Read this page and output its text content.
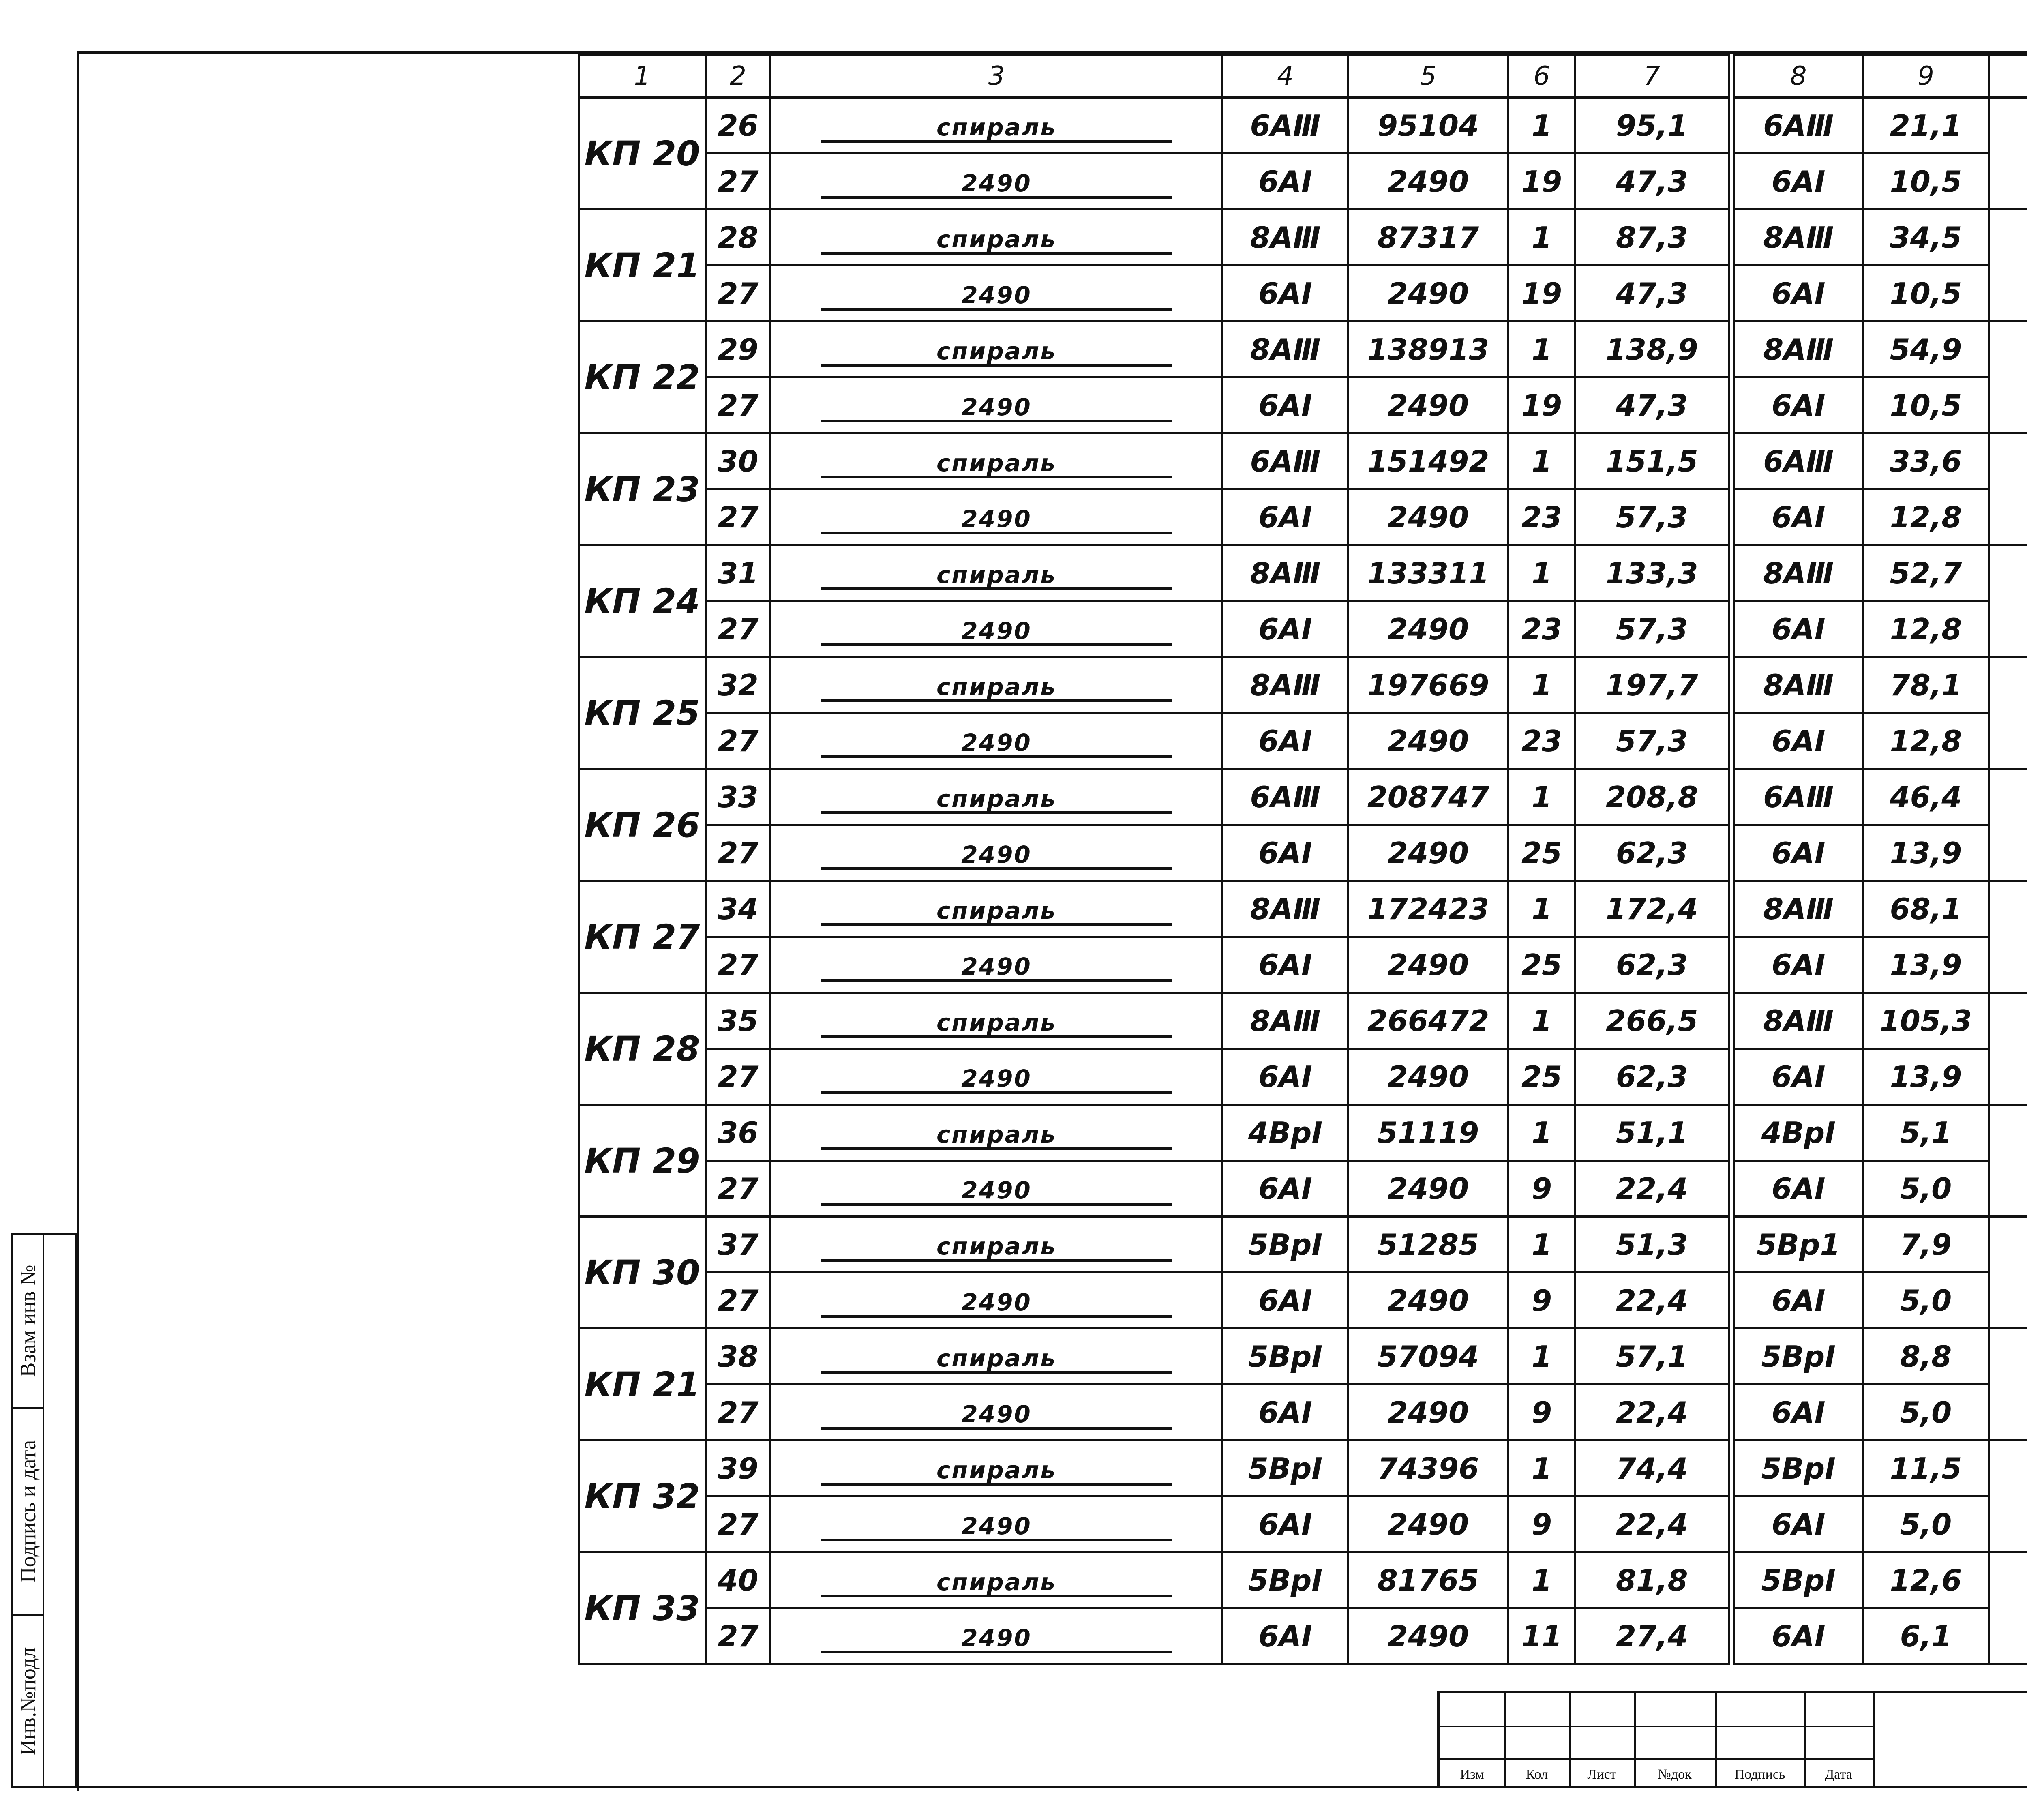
Взам инв №
Подпись и дата
Инв.№подл
1	2	3	4	5	6	7	8	9	
КП 20	26	спираль	6AⅢ	95104	1	95,1	6AⅢ	21,1	
	27	2490	6AⅠ	2490	19	47,3	6AⅠ	10,5	
КП 21	28	спираль	8AⅢ	87317	1	87,3	8AⅢ	34,5	
	27	2490	6AⅠ	2490	19	47,3	6AⅠ	10,5	
КП 22	29	спираль	8AⅢ	138913	1	138,9	8AⅢ	54,9	
	27	2490	6AⅠ	2490	19	47,3	6AⅠ	10,5	
КП 23	30	спираль	6AⅢ	151492	1	151,5	6AⅢ	33,6	
	27	2490	6AⅠ	2490	23	57,3	6AⅠ	12,8	
КП 24	31	спираль	8AⅢ	133311	1	133,3	8AⅢ	52,7	
	27	2490	6AⅠ	2490	23	57,3	6AⅠ	12,8	
КП 25	32	спираль	8AⅢ	197669	1	197,7	8AⅢ	78,1	
	27	2490	6AⅠ	2490	23	57,3	6AⅠ	12,8	
КП 26	33	спираль	6AⅢ	208747	1	208,8	6AⅢ	46,4	
	27	2490	6AⅠ	2490	25	62,3	6AⅠ	13,9	
КП 27	34	спираль	8AⅢ	172423	1	172,4	8AⅢ	68,1	
	27	2490	6AⅠ	2490	25	62,3	6AⅠ	13,9	
КП 28	35	спираль	8AⅢ	266472	1	266,5	8AⅢ	105,3	
	27	2490	6AⅠ	2490	25	62,3	6AⅠ	13,9	
КП 29	36	спираль	4ВрⅠ	51119	1	51,1	4ВрⅠ	5,1	
	27	2490	6AⅠ	2490	9	22,4	6AⅠ	5,0	
КП 30	37	спираль	5ВрⅠ	51285	1	51,3	5Вр1	7,9	
	27	2490	6AⅠ	2490	9	22,4	6AⅠ	5,0	
КП 21	38	спираль	5ВрⅠ	57094	1	57,1	5ВрⅠ	8,8	
	27	2490	6AⅠ	2490	9	22,4	6AⅠ	5,0	
КП 32	39	спираль	5ВрⅠ	74396	1	74,4	5ВрⅠ	11,5	
	27	2490	6AⅠ	2490	9	22,4	6AⅠ	5,0	
КП 33	40	спираль	5ВрⅠ	81765	1	81,8	5ВрⅠ	12,6	
	27	2490	6AⅠ	2490	11	27,4	6AⅠ	6,1	
Изм	Кол	Лист	№док	Подпись	Дата
